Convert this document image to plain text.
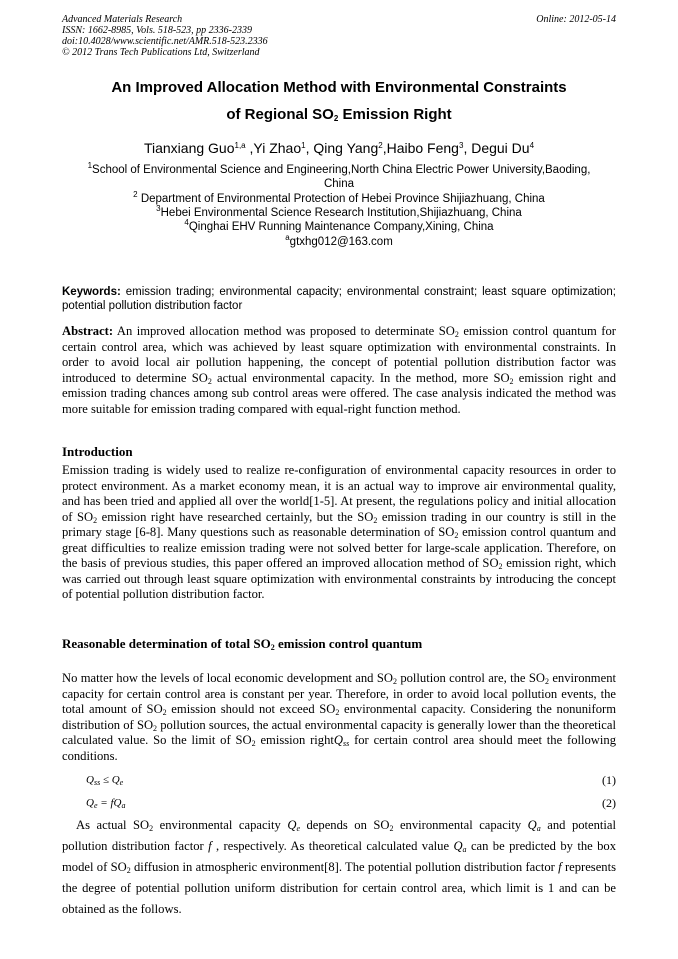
Advanced Materials Research
ISSN: 1662-8985, Vols. 518-523, pp 2336-2339
doi:10.4028/www.scientific.net/AMR.518-523.2336
© 2012 Trans Tech Publications Ltd, Switzerland
Online: 2012-05-14
An Improved Allocation Method with Environmental Constraints
of Regional $SO_2$ Emission Right
Tianxiang Guo$^{1,a}$ ,Yi Zhao$^1$, Qing Yang$^2$,Haibo Feng$^3$, Degui Du$^4$
$^1$School of Environmental Science and Engineering,North China Electric Power University,Baoding,
China
$^2$ Department of Environmental Protection of Hebei Province Shijiazhuang, China
$^3$Hebei Environmental Science Research Institution,Shijiazhuang, China
$^4$Qinghai EHV Running Maintenance Company,Xining, China
$^a$gtxhg012@163.com
Keywords: emission trading; environmental capacity; environmental constraint; least square optimization; potential pollution distribution factor
Abstract: An improved allocation method was proposed to determinate $SO_2$ emission control quantum for certain control area, which was achieved by least square optimization with environmental constraints. In order to avoid local air pollution happening, the concept of potential pollution distribution factor was introduced to determine $SO_2$ actual environmental capacity. In the method, more $SO_2$ emission right and emission trading chances among sub control areas were offered. The case analysis indicated the method was more suitable for emission trading compared with equal-right function method.
Introduction
Emission trading is widely used to realize re-configuration of environmental capacity resources in order to protect environment. As a market economy mean, it is an actual way to improve air environmental quality, and has been tried and applied all over the world[1-5]. At present, the regulations policy and initial allocation of $SO_2$ emission right have researched certainly, but the $SO_2$ emission trading in our country is still in the primary stage [6-8]. Many questions such as reasonable determination of $SO_2$ emission control quantum and great difficulties to realize emission trading were not solved better for large-scale application. Therefore, on the basis of previous studies, this paper offered an improved allocation method of $SO_2$ emission right, which was carried out through least square optimization with environmental constraints by introducing the concept of potential pollution distribution factor.
Reasonable determination of total $SO_2$ emission control quantum
No matter how the levels of local economic development and $SO_2$ pollution control are, the $SO_2$ environment capacity for certain control area is constant per year. Therefore, in order to avoid local pollution events, the total amount of $SO_2$ emission should not exceed $SO_2$ environmental capacity. Considering the nonuniform distribution of $SO_2$ pollution sources, the actual environmental capacity is generally lower than the theoretical calculated value. So the limit of $SO_2$ emission rightQ$_{ss}$ for certain control area should meet the following conditions.
$Q_{ss} \le Q_e$	(1)
$Q_e = fQ_a$	(2)
As actual $SO_2$ environmental capacity $Q_e$ depends on $SO_2$ environmental capacity $Q_a$ and potential pollution distribution factor f , respectively. As theoretical calculated value $Q_a$ can be predicted by the box model of $SO_2$ diffusion in atmospheric environment[8]. The potential pollution distribution factor f represents the degree of potential pollution uniform distribution for certain control area, which limit is 1 and can be obtained as the follows.
